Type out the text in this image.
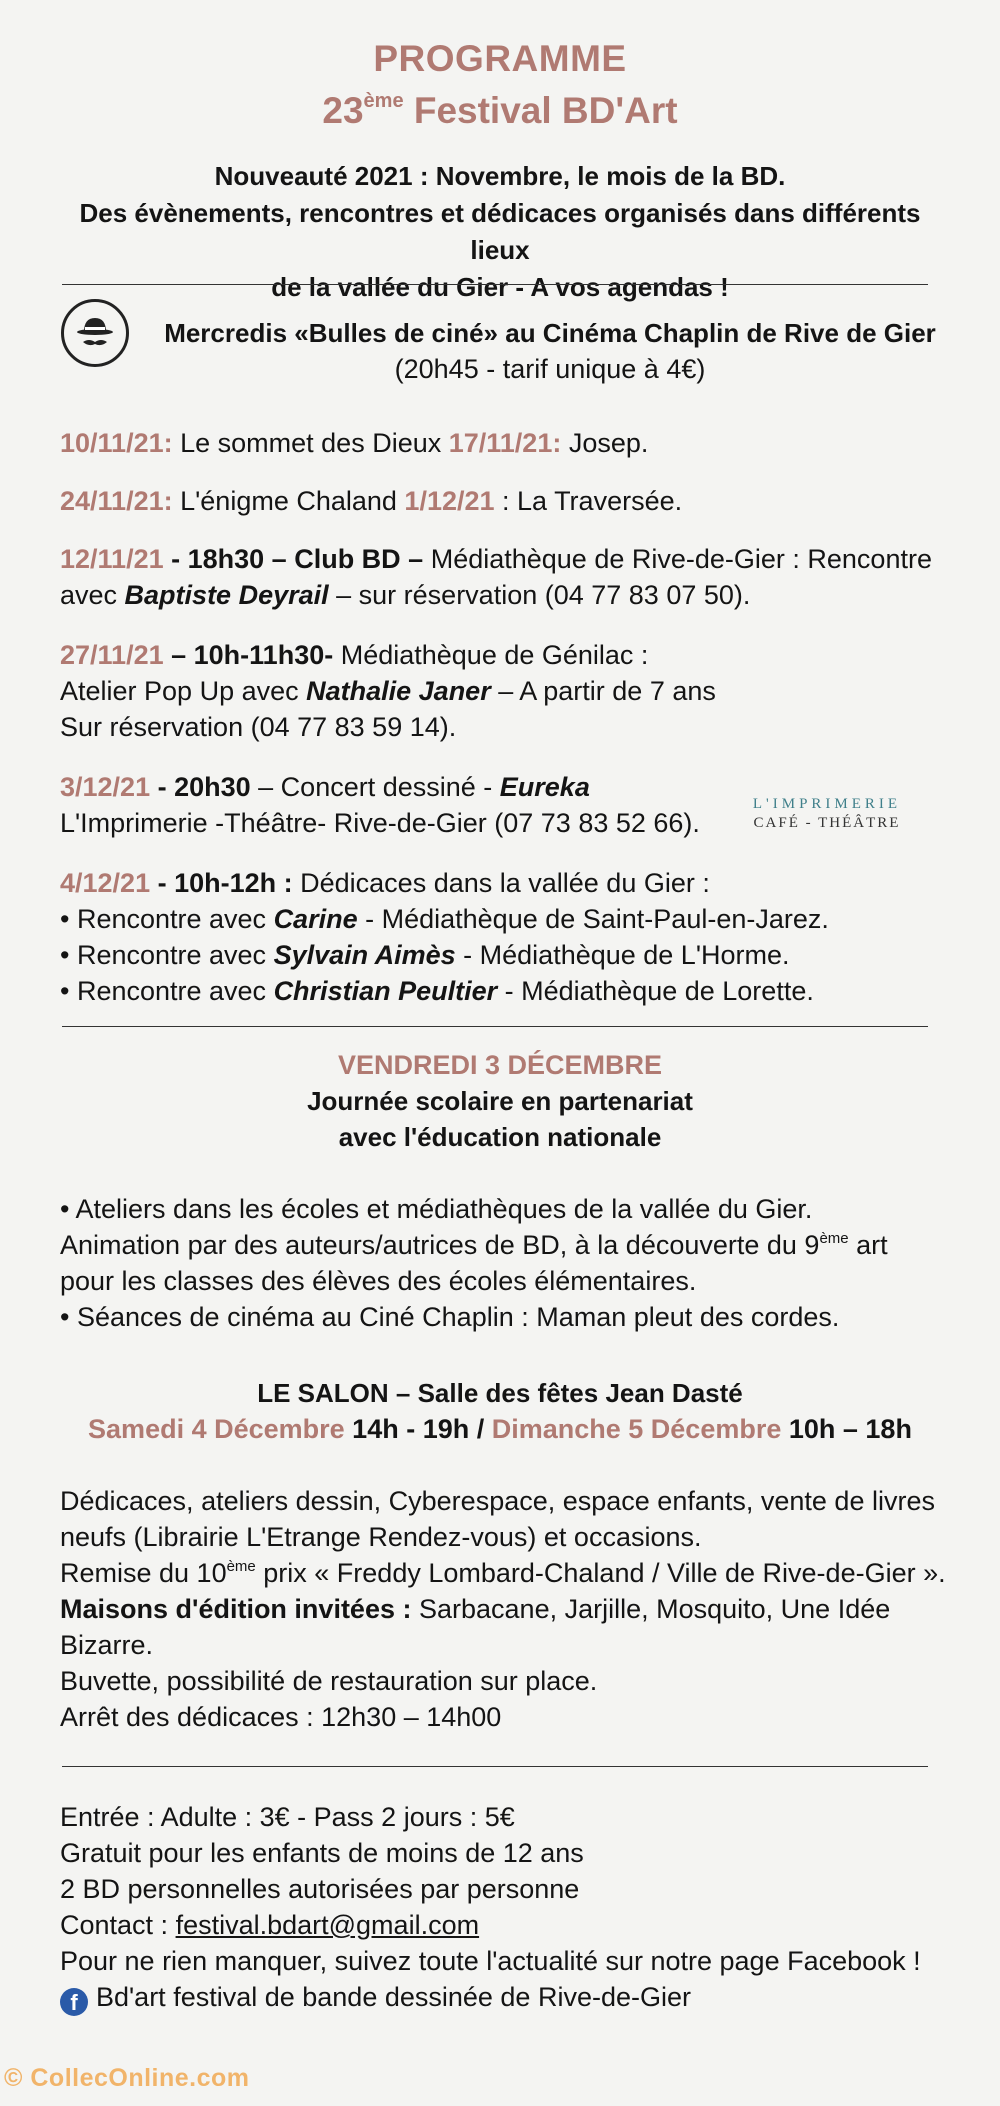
PROGRAMME
23ème Festival BD'Art
Nouveauté 2021 : Novembre, le mois de la BD.
Des évènements, rencontres et dédicaces organisés dans différents lieux
de la vallée du Gier - A vos agendas !
Mercredis «Bulles de ciné» au Cinéma Chaplin de Rive de Gier
(20h45 - tarif unique à 4€)
10/11/21: Le sommet des Dieux 17/11/21: Josep.
24/11/21: L'énigme Chaland 1/12/21 : La Traversée.
12/11/21 - 18h30 – Club BD – Médiathèque de Rive-de-Gier : Rencontre
avec Baptiste Deyrail – sur réservation (04 77 83 07 50).
27/11/21 – 10h-11h30- Médiathèque de Génilac :
Atelier Pop Up avec Nathalie Janer – A partir de 7 ans
Sur réservation (04 77 83 59 14).
3/12/21 - 20h30 – Concert dessiné - Eureka
L'Imprimerie -Théâtre- Rive-de-Gier (07 73 83 52 66).
L'IMPRIMERIE
CAFÉ - THÉÂTRE
4/12/21 - 10h-12h : Dédicaces dans la vallée du Gier :
• Rencontre avec Carine - Médiathèque de Saint-Paul-en-Jarez.
• Rencontre avec Sylvain Aimès - Médiathèque de L'Horme.
• Rencontre avec Christian Peultier - Médiathèque de Lorette.
VENDREDI 3 DÉCEMBRE
Journée scolaire en partenariat
avec l'éducation nationale
• Ateliers dans les écoles et médiathèques de la vallée du Gier.
Animation par des auteurs/autrices de BD, à la découverte du 9ème art
pour les classes des élèves des écoles élémentaires.
• Séances de cinéma au Ciné Chaplin : Maman pleut des cordes.
LE SALON – Salle des fêtes Jean Dasté
Samedi 4 Décembre 14h - 19h / Dimanche 5 Décembre 10h – 18h
Dédicaces, ateliers dessin, Cyberespace, espace enfants, vente de livres
neufs (Librairie L'Etrange Rendez-vous) et occasions.
Remise du 10ème prix « Freddy Lombard-Chaland / Ville de Rive-de-Gier ».
Maisons d'édition invitées : Sarbacane, Jarjille, Mosquito, Une Idée
Bizarre.
Buvette, possibilité de restauration sur place.
Arrêt des dédicaces : 12h30 – 14h00
Entrée : Adulte : 3€ - Pass 2 jours : 5€
Gratuit pour les enfants de moins de 12 ans
2 BD personnelles autorisées par personne
Contact : festival.bdart@gmail.com
Pour ne rien manquer, suivez toute l'actualité sur notre page Facebook !
f Bd'art festival de bande dessinée de Rive-de-Gier
© ColleсOnline.com
